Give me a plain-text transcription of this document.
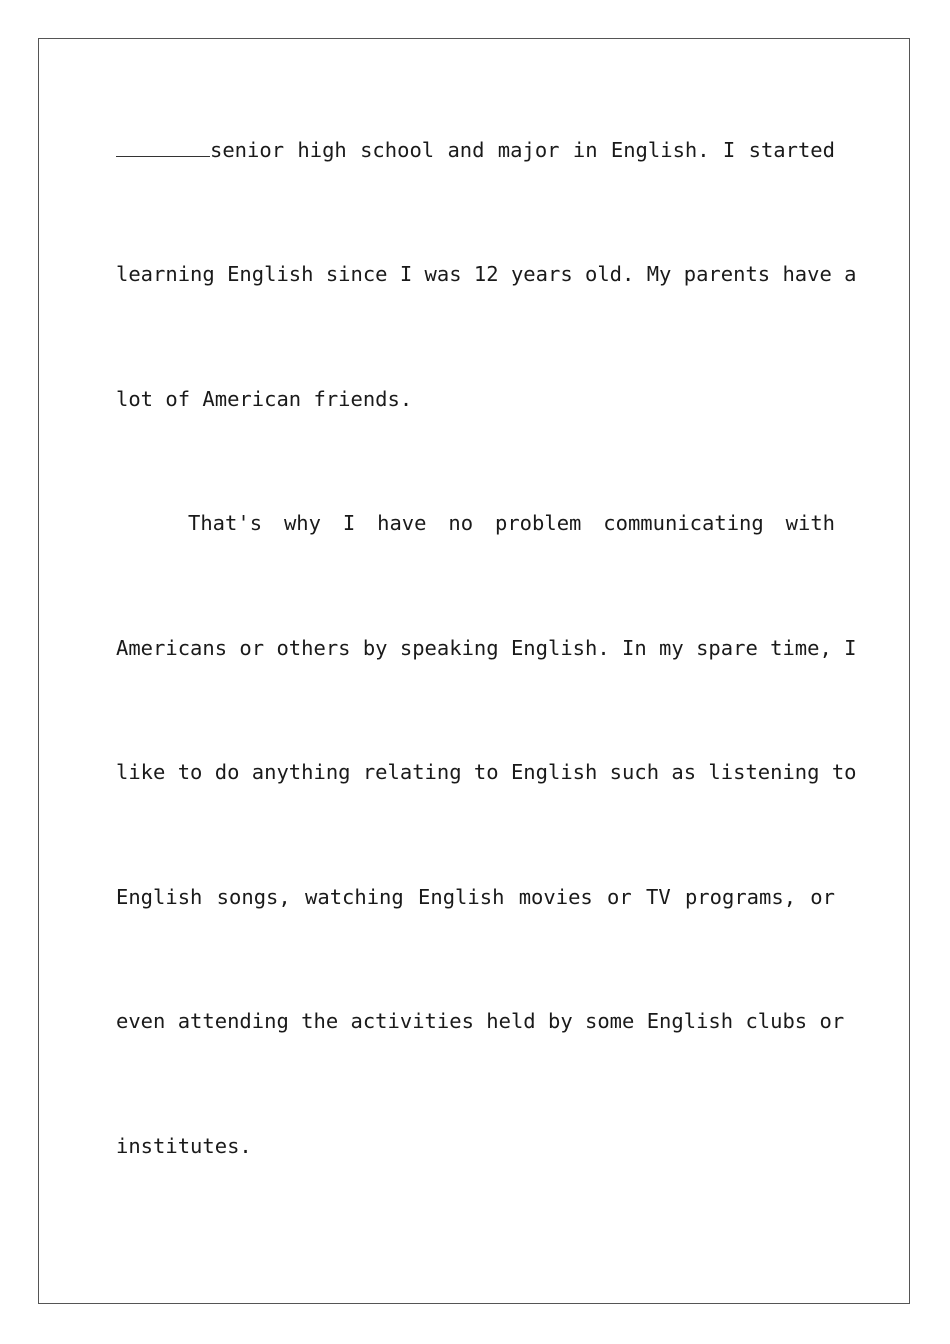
senior high school and major in English. I started

learning English since I was 12 years old. My parents have a

lot of American friends.

That's why I have no problem communicating with

Americans or others by speaking English. In my spare time, I

like to do anything relating to English such as listening to

English songs, watching English movies or TV programs, or

even attending the activities held by some English clubs or

institutes.
